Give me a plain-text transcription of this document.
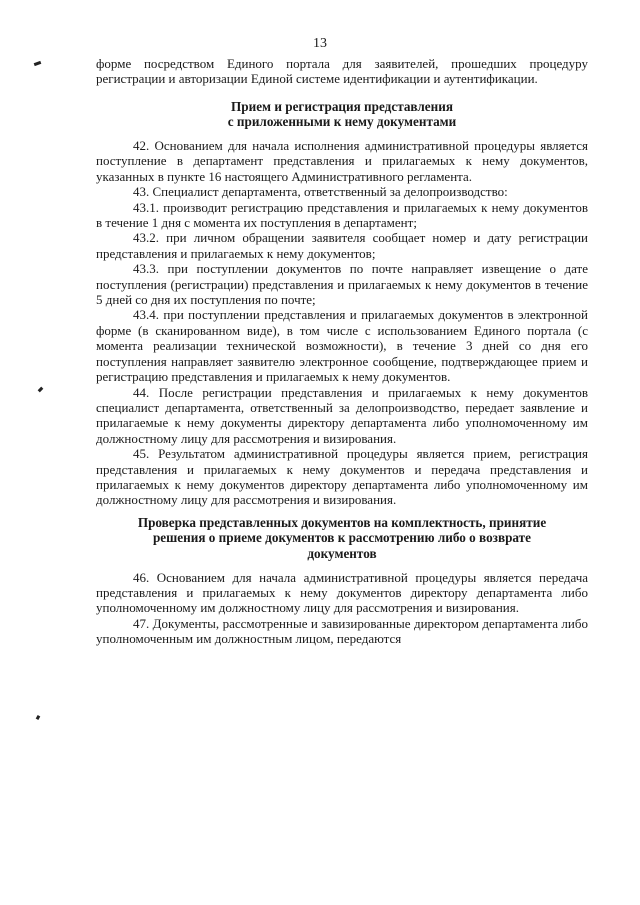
13

форме посредством Единого портала для заявителей, прошедших процедуру регистрации и авторизации Единой системе идентификации и аутентификации.

Прием и регистрация представления
с приложенными к нему документами

42. Основанием для начала исполнения административной процедуры является поступление в департамент представления и прилагаемых к нему документов, указанных в пункте 16 настоящего Административного регламента.

43. Специалист департамента, ответственный за делопроизводство:

43.1. производит регистрацию представления и прилагаемых к нему документов в течение 1 дня с момента их поступления в департамент;

43.2. при личном обращении заявителя сообщает номер и дату регистрации представления и прилагаемых к нему документов;

43.3. при поступлении документов по почте направляет извещение о дате поступления (регистрации) представления и прилагаемых к нему документов в течение 5 дней со дня их поступления по почте;

43.4. при поступлении представления и прилагаемых документов в электронной форме (в сканированном виде), в том числе с использованием Единого портала (с момента реализации технической возможности), в течение 3 дней со дня его поступления направляет заявителю электронное сообщение, подтверждающее прием и регистрацию представления и прилагаемых к нему документов.

44. После регистрации представления и прилагаемых к нему документов специалист департамента, ответственный за делопроизводство, передает заявление и прилагаемые к нему документы директору департамента либо уполномоченному им должностному лицу для рассмотрения и визирования.

45. Результатом административной процедуры является прием, регистрация представления и прилагаемых к нему документов и передача представления и прилагаемых к нему документов директору департамента либо уполномоченному им должностному лицу для рассмотрения и визирования.

Проверка представленных документов на комплектность, принятие
решения о приеме документов к рассмотрению либо о возврате
документов

46. Основанием для начала административной процедуры является передача представления и прилагаемых к нему документов директору департамента либо уполномоченному им должностному лицу для рассмотрения и визирования.

47. Документы, рассмотренные и завизированные директором департамента либо уполномоченным им должностным лицом, передаются
